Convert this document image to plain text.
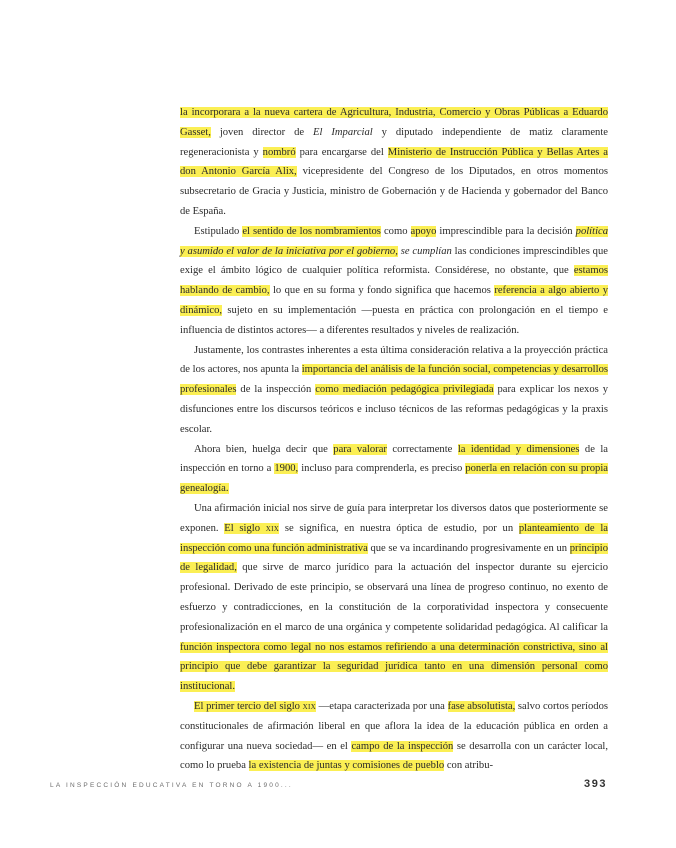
la incorporara a la nueva cartera de Agricultura, Industria, Comercio y Obras Públicas a Eduardo Gasset, joven director de El Imparcial y diputado independiente de matiz claramente regeneracionista y nombró para encargarse del Ministerio de Instrucción Pública y Bellas Artes a don Antonio García Alix, vicepresidente del Congreso de los Diputados, en otros momentos subsecretario de Gracia y Justicia, ministro de Gobernación y de Hacienda y gobernador del Banco de España.

Estipulado el sentido de los nombramientos como apoyo imprescindible para la decisión política y asumido el valor de la iniciativa por el gobierno, se cumplían las condiciones imprescindibles que exige el ámbito lógico de cualquier política reformista. Considérese, no obstante, que estamos hablando de cambio, lo que en su forma y fondo significa que hacemos referencia a algo abierto y dinámico, sujeto en su implementación —puesta en práctica con prolongación en el tiempo e influencia de distintos actores— a diferentes resultados y niveles de realización.

Justamente, los contrastes inherentes a esta última consideración relativa a la proyección práctica de los actores, nos apunta la importancia del análisis de la función social, competencias y desarrollos profesionales de la inspección como mediación pedagógica privilegiada para explicar los nexos y disfunciones entre los discursos teóricos e incluso técnicos de las reformas pedagógicas y la praxis escolar.

Ahora bien, huelga decir que para valorar correctamente la identidad y dimensiones de la inspección en torno a 1900, incluso para comprenderla, es preciso ponerla en relación con su propia genealogía.

Una afirmación inicial nos sirve de guía para interpretar los diversos datos que posteriormente se exponen. El siglo xix se significa, en nuestra óptica de estudio, por un planteamiento de la inspección como una función administrativa que se va incardinando progresivamente en un principio de legalidad, que sirve de marco jurídico para la actuación del inspector durante su ejercicio profesional. Derivado de este principio, se observará una línea de progreso continuo, no exento de esfuerzo y contradicciones, en la constitución de la corporatividad inspectora y consecuente profesionalización en el marco de una orgánica y competente solidaridad pedagógica. Al calificar la función inspectora como legal no nos estamos refiriendo a una determinación constrictiva, sino al principio que debe garantizar la seguridad jurídica tanto en una dimensión personal como institucional.

El primer tercio del siglo xix —etapa caracterizada por una fase absolutista, salvo cortos períodos constitucionales de afirmación liberal en que aflora la idea de la educación pública en orden a configurar una nueva sociedad— en el campo de la inspección se desarrolla con un carácter local, como lo prueba la existencia de juntas y comisiones de pueblo con atribu-

LA INSPECCIÓN EDUCATIVA EN TORNO A 1900...	393
